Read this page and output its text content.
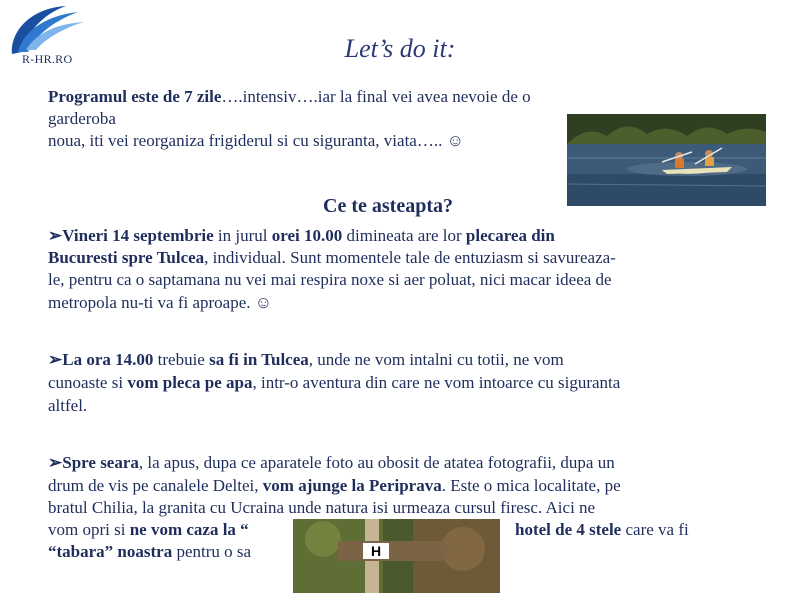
R-HR.RO	Let’s do it:
Programul este de 7 zile….intensiv….iar la final vei avea nevoie de o garderoba
noua, iti vei reorganiza frigiderul si cu siguranta, viata….. ☺
Ce te asteapta?
➢Vineri 14 septembrie in jurul orei 10.00 dimineata are lor plecarea din
Bucuresti spre Tulcea, individual. Sunt momentele tale de entuziasm si savureaza-
le, pentru ca o saptamana nu vei mai respira noxe si aer poluat, nici macar ideea de
metropola nu-ti va fi aproape. ☺
➢La ora 14.00 trebuie sa fi in Tulcea, unde ne vom intalni cu totii, ne vom
cunoaste si vom pleca pe apa, intr-o aventura din care ne vom intoarce cu siguranta
altfel.
➢Spre seara, la apus, dupa ce aparatele foto au obosit de atatea fotografii, dupa un
drum de vis pe canalele Deltei, vom ajunge la Periprava. Este o mica localitate, pe
bratul Chilia, la granita cu Ucraina unde natura isi urmeaza cursul firesc. Aici ne
vom opri si ne vom caza la “	hotel de 4 stele care va fi
“tabara” noastra pentru o sa	H
